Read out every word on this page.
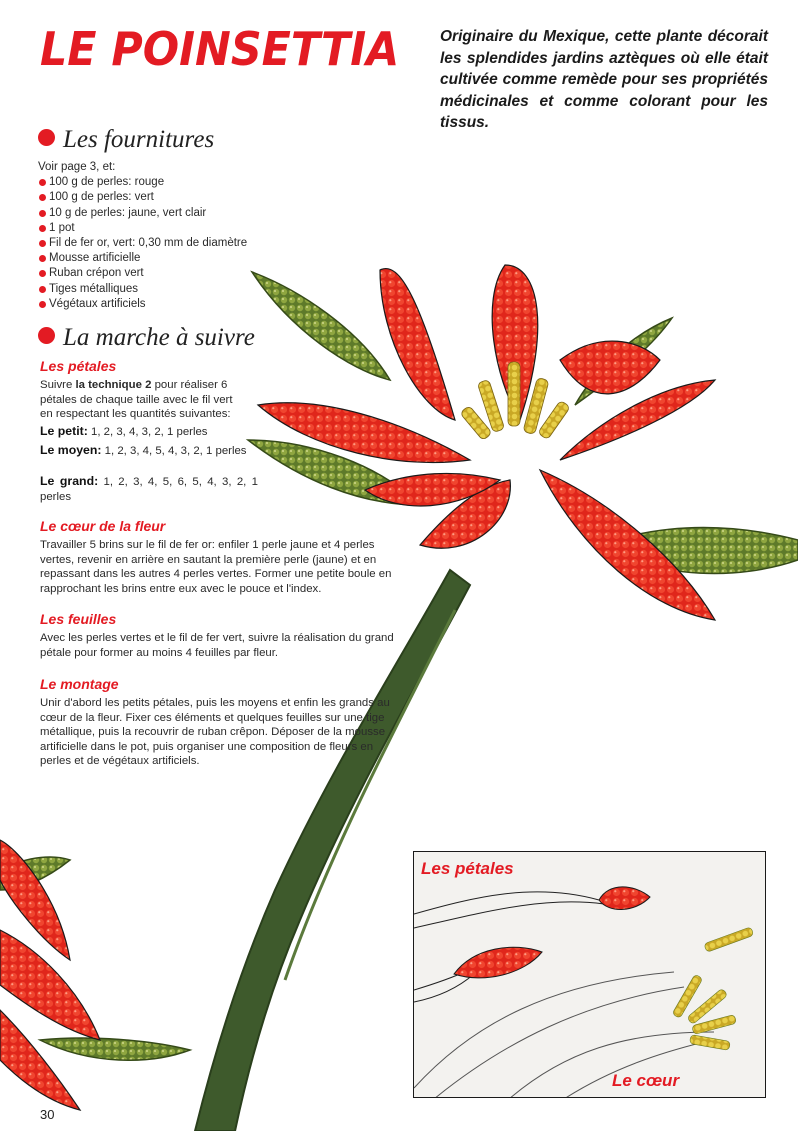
LE POINSETTIA	Originaire du Mexique, cette plante décorait les splendides jardins aztèques où elle était cultivée comme remède pour ses propriétés médicinales et comme colorant pour les tissus.

Les fournitures
Voir page 3, et:
100 g de perles: rouge
100 g de perles: vert
10 g de perles: jaune, vert clair
1 pot
Fil de fer or, vert: 0,30 mm de diamètre
Mousse artificielle
Ruban crépon vert
Tiges métalliques
Végétaux artificiels
La marche à suivre
Les pétales
Suivre la technique 2 pour réaliser 6
pétales de chaque taille avec le fil vert
en respectant les quantités suivantes:
Le petit: 1, 2, 3, 4, 3, 2, 1 perles
Le moyen: 1, 2, 3, 4, 5, 4, 3, 2, 1 perles
Le grand: 1, 2, 3, 4, 5, 6, 5, 4, 3, 2, 1 perles
Le cœur de la fleur

Travailler 5 brins sur le fil de fer or: enfiler 1 perle jaune et 4 perles vertes, revenir en arrière en sautant la première perle (jaune) et en repassant dans les autres 4 perles vertes. Former une petite boule en rapprochant les brins entre eux avec le pouce et l'index.

Les feuilles

Avec les perles vertes et le fil de fer vert, suivre la réalisation du grand pétale pour former au moins 4 feuilles par fleur.

Le montage

Unir d'abord les petits pétales, puis les moyens et enfin les grands au cœur de la fleur. Fixer ces éléments et quelques feuilles sur une tige métallique, puis la recouvrir de ruban crêpon. Déposer de la mousse artificielle dans le pot, puis organiser une composition de fleurs en perles et de végétaux artificiels.

Les pétales
Le cœur
30
